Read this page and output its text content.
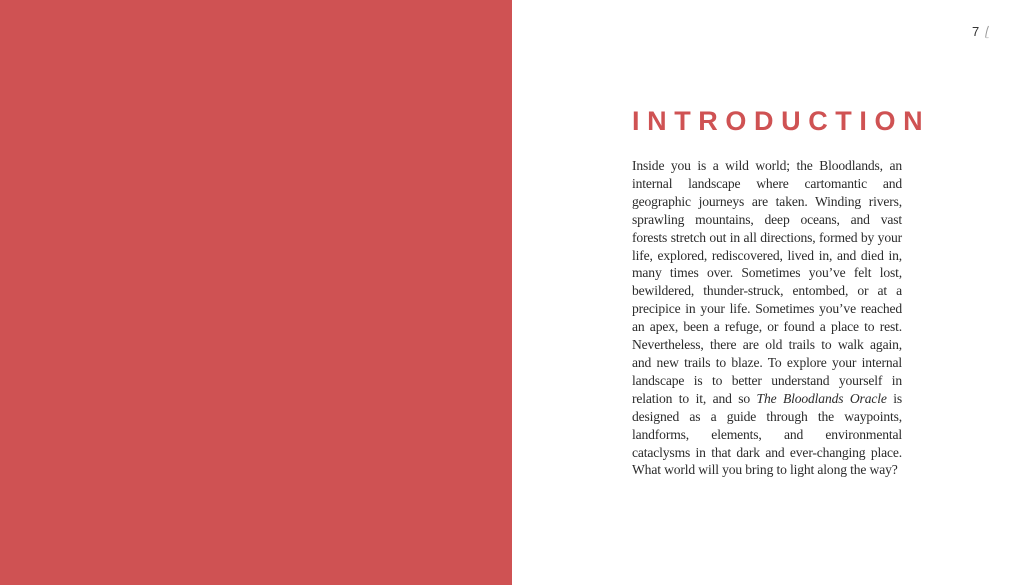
7
INTRODUCTION

Inside you is a wild world; the Bloodlands, an internal landscape where cartomantic and geographic journeys are taken. Winding rivers, sprawling mountains, deep oceans, and vast forests stretch out in all directions, formed by your life, explored, rediscovered, lived in, and died in, many times over. Sometimes you’ve felt lost, bewildered, thunder-struck, entombed, or at a precipice in your life. Sometimes you’ve reached an apex, been a refuge, or found a place to rest. Nevertheless, there are old trails to walk again, and new trails to blaze. To explore your internal landscape is to better understand yourself in relation to it, and so The Bloodlands Oracle is designed as a guide through the waypoints, landforms, elements, and environmental cataclysms in that dark and ever-changing place. What world will you bring to light along the way?
